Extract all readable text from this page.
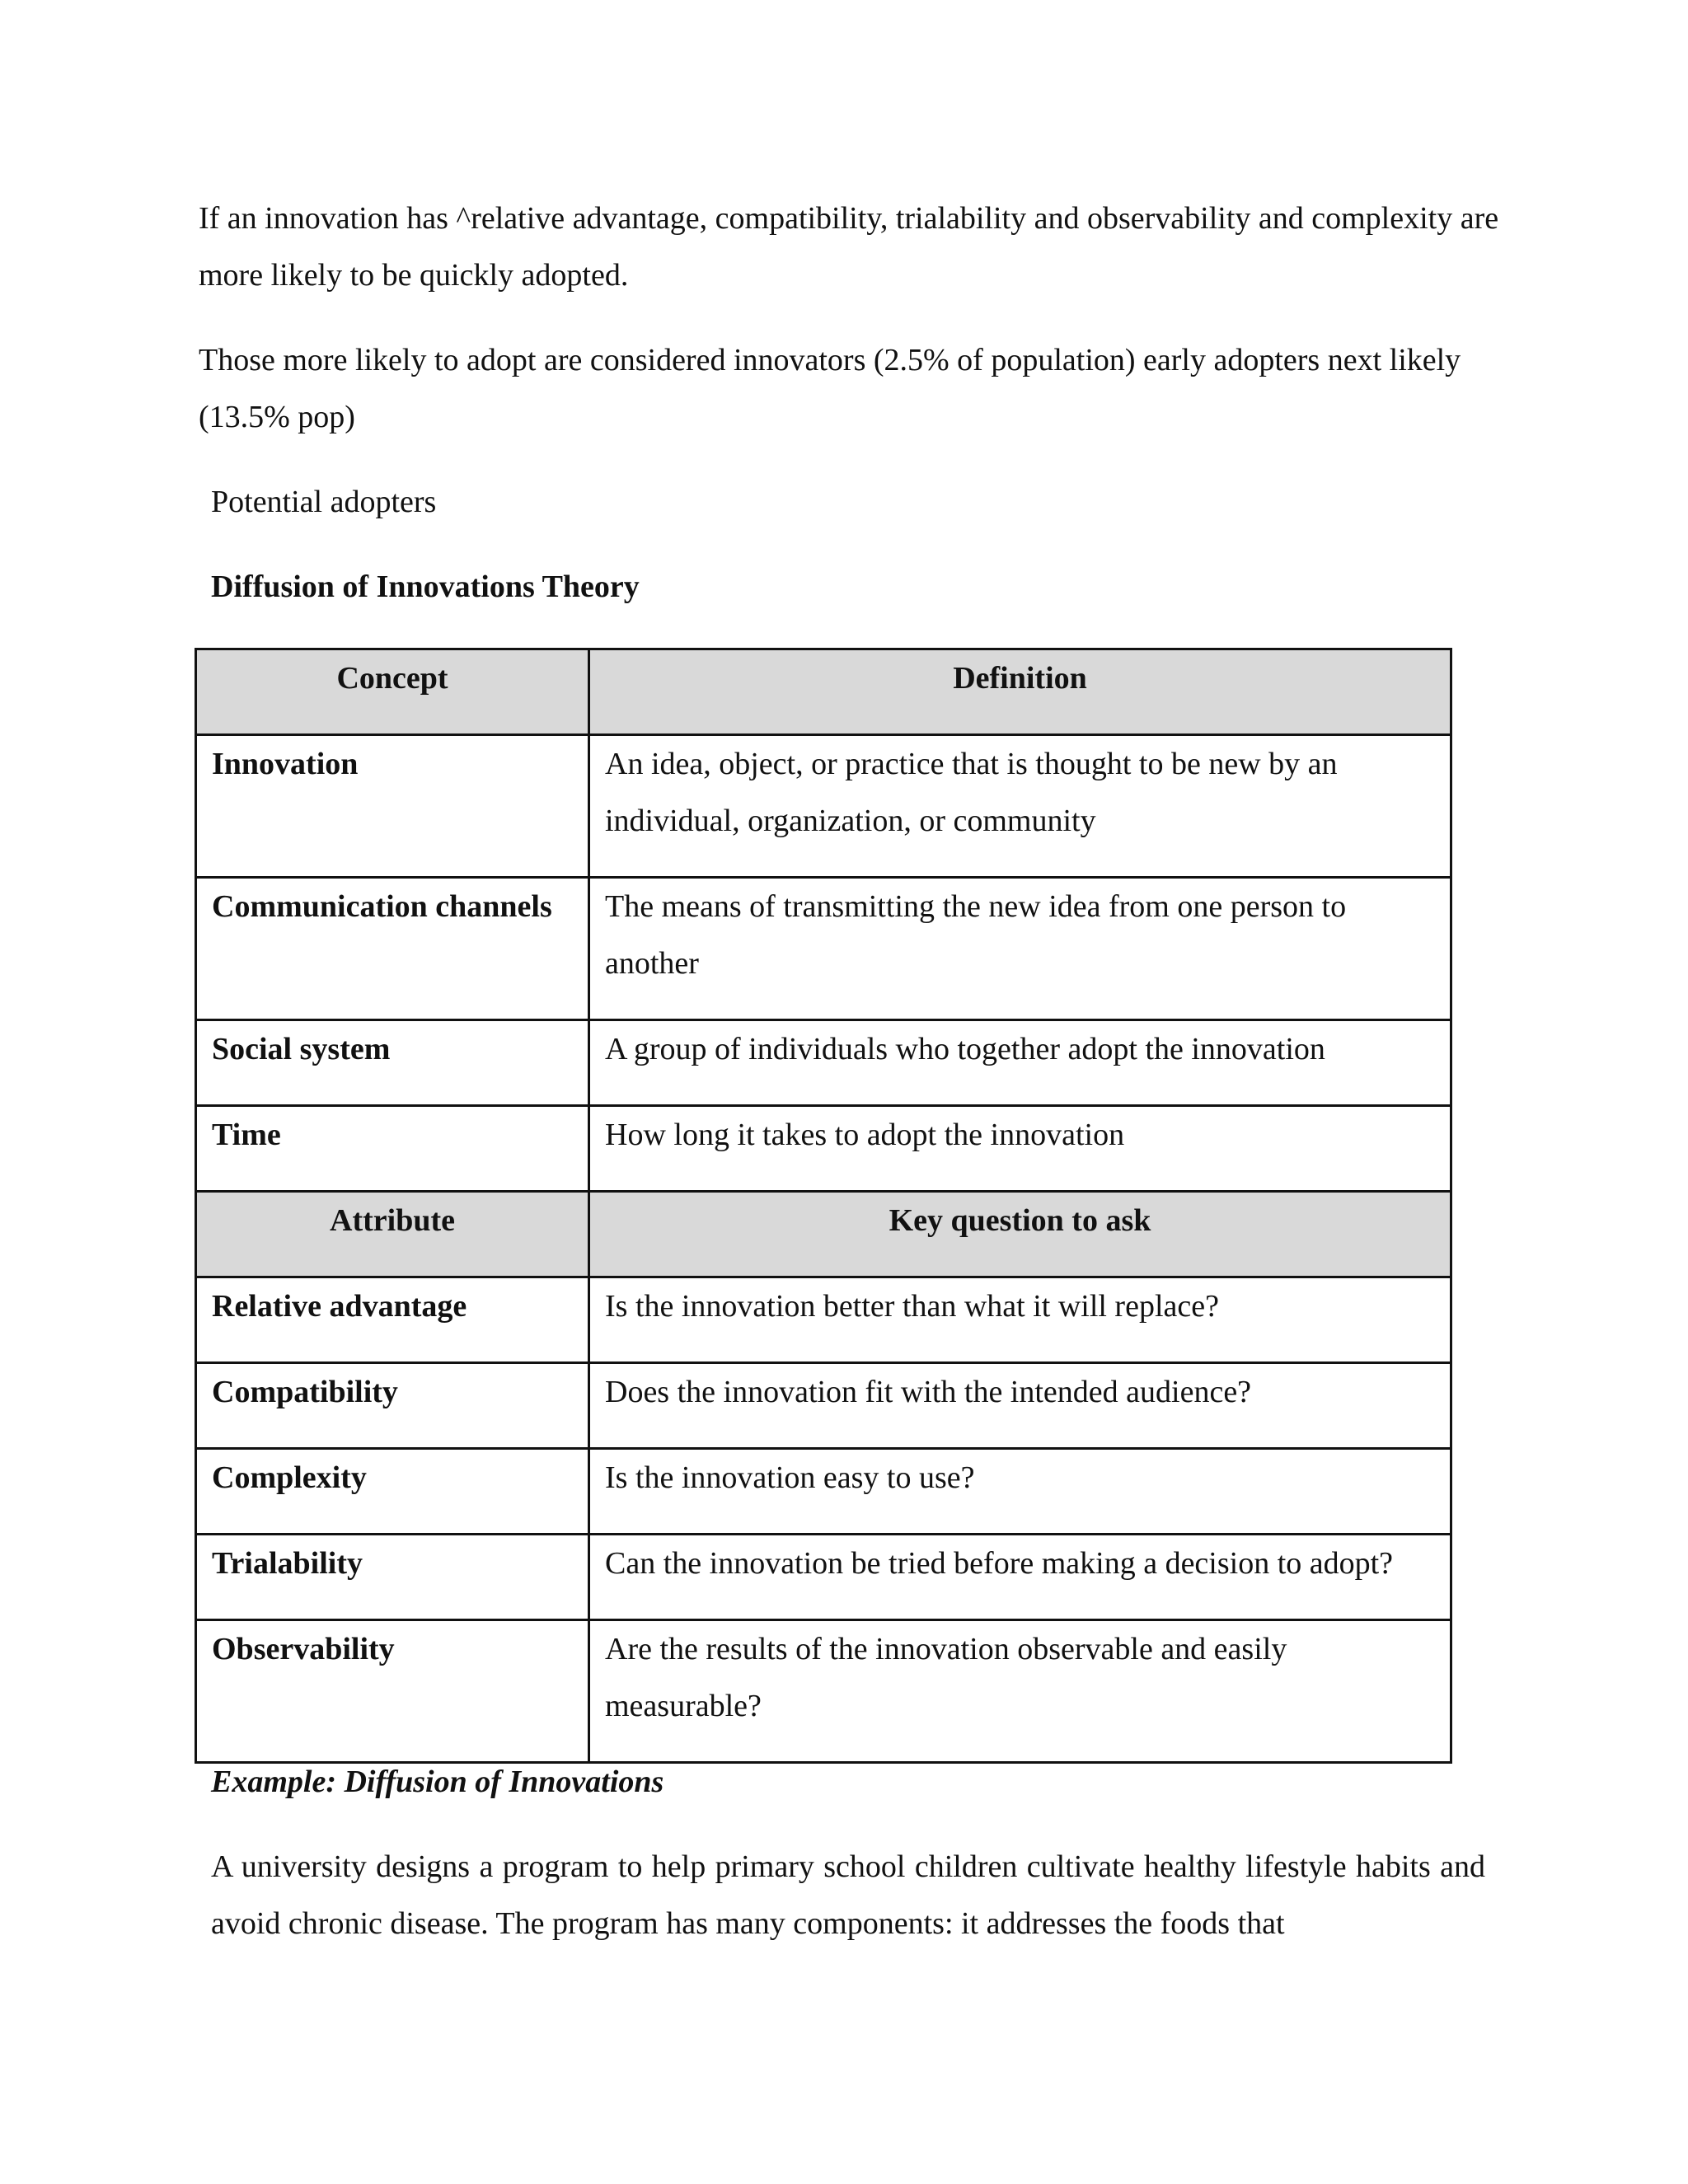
If an innovation has ^relative advantage, compatibility, trialability and observability and complexity are more likely to be quickly adopted.

Those more likely to adopt are considered innovators (2.5% of population) early adopters next likely (13.5% pop)

Potential adopters

Diffusion of Innovations Theory

Concept	Definition
Innovation	An idea, object, or practice that is thought to be new by an individual, organization, or community
Communication channels	The means of transmitting the new idea from one person to another
Social system	A group of individuals who together adopt the innovation
Time	How long it takes to adopt the innovation
Attribute	Key question to ask
Relative advantage	Is the innovation better than what it will replace?
Compatibility	Does the innovation fit with the intended audience?
Complexity	Is the innovation easy to use?
Trialability	Can the innovation be tried before making a decision to adopt?
Observability	Are the results of the innovation observable and easily measurable?

Example: Diffusion of Innovations

A university designs a program to help primary school children cultivate healthy lifestyle habits and avoid chronic disease. The program has many components: it addresses the foods that
